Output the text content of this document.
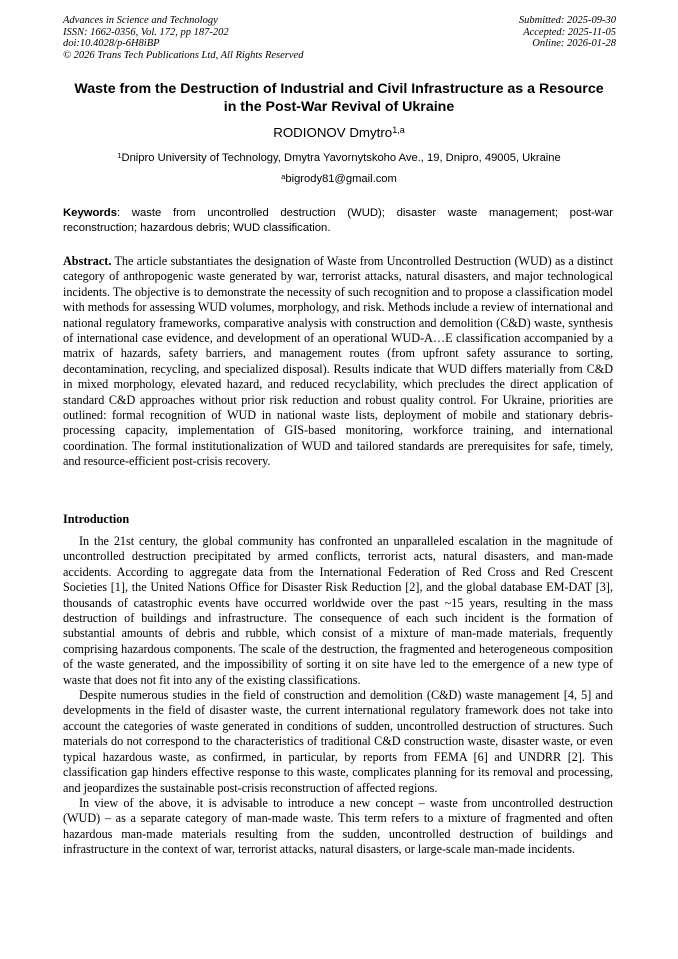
Advances in Science and Technology
ISSN: 1662-0356, Vol. 172, pp 187-202
doi:10.4028/p-6H8iBP
© 2026 Trans Tech Publications Ltd, All Rights Reserved
Submitted: 2025-09-30
Accepted: 2025-11-05
Online: 2026-01-28
Waste from the Destruction of Industrial and Civil Infrastructure as a Resource in the Post-War Revival of Ukraine
RODIONOV Dmytro$^{1,a}$
$^1$Dnipro University of Technology, Dmytra Yavornytskoho Ave., 19, Dnipro, 49005, Ukraine
$^a$bigrody81@gmail.com
Keywords: waste from uncontrolled destruction (WUD); disaster waste management; post-war reconstruction; hazardous debris; WUD classification.

Abstract. The article substantiates the designation of Waste from Uncontrolled Destruction (WUD) as a distinct category of anthropogenic waste generated by war, terrorist attacks, natural disasters, and major technological incidents. The objective is to demonstrate the necessity of such recognition and to propose a classification model with methods for assessing WUD volumes, morphology, and risk. Methods include a review of international and national regulatory frameworks, comparative analysis with construction and demolition (C&D) waste, synthesis of international case evidence, and development of an operational WUD-A…E classification accompanied by a matrix of hazards, safety barriers, and management routes (from upfront safety assurance to sorting, decontamination, recycling, and specialized disposal). Results indicate that WUD differs materially from C&D in mixed morphology, elevated hazard, and reduced recyclability, which precludes the direct application of standard C&D approaches without prior risk reduction and robust quality control. For Ukraine, priorities are outlined: formal recognition of WUD in national waste lists, deployment of mobile and stationary debris-processing capacity, implementation of GIS-based monitoring, workforce training, and international coordination. The formal institutionalization of WUD and tailored standards are prerequisites for safe, timely, and resource-efficient post-crisis recovery.

Introduction

In the 21st century, the global community has confronted an unparalleled escalation in the magnitude of uncontrolled destruction precipitated by armed conflicts, terrorist acts, natural disasters, and man-made accidents. According to aggregate data from the International Federation of Red Cross and Red Crescent Societies [1], the United Nations Office for Disaster Risk Reduction [2], and the global database EM-DAT [3], thousands of catastrophic events have occurred worldwide over the past ~15 years, resulting in the mass destruction of buildings and infrastructure. The consequence of each such incident is the formation of substantial amounts of debris and rubble, which consist of a mixture of man-made materials, frequently comprising hazardous components. The scale of the destruction, the fragmented and heterogeneous composition of the waste generated, and the impossibility of sorting it on site have led to the emergence of a new type of waste that does not fit into any of the existing classifications.

Despite numerous studies in the field of construction and demolition (C&D) waste management [4, 5] and developments in the field of disaster waste, the current international regulatory framework does not take into account the categories of waste generated in conditions of sudden, uncontrolled destruction of structures. Such materials do not correspond to the characteristics of traditional C&D construction waste, disaster waste, or even typical hazardous waste, as confirmed, in particular, by reports from FEMA [6] and UNDRR [2]. This classification gap hinders effective response to this waste, complicates planning for its removal and processing, and jeopardizes the sustainable post-crisis reconstruction of affected regions.

In view of the above, it is advisable to introduce a new concept – waste from uncontrolled destruction (WUD) – as a separate category of man-made waste. This term refers to a mixture of fragmented and often hazardous man-made materials resulting from the sudden, uncontrolled destruction of buildings and infrastructure in the context of war, terrorist attacks, natural disasters, or large-scale man-made incidents.
